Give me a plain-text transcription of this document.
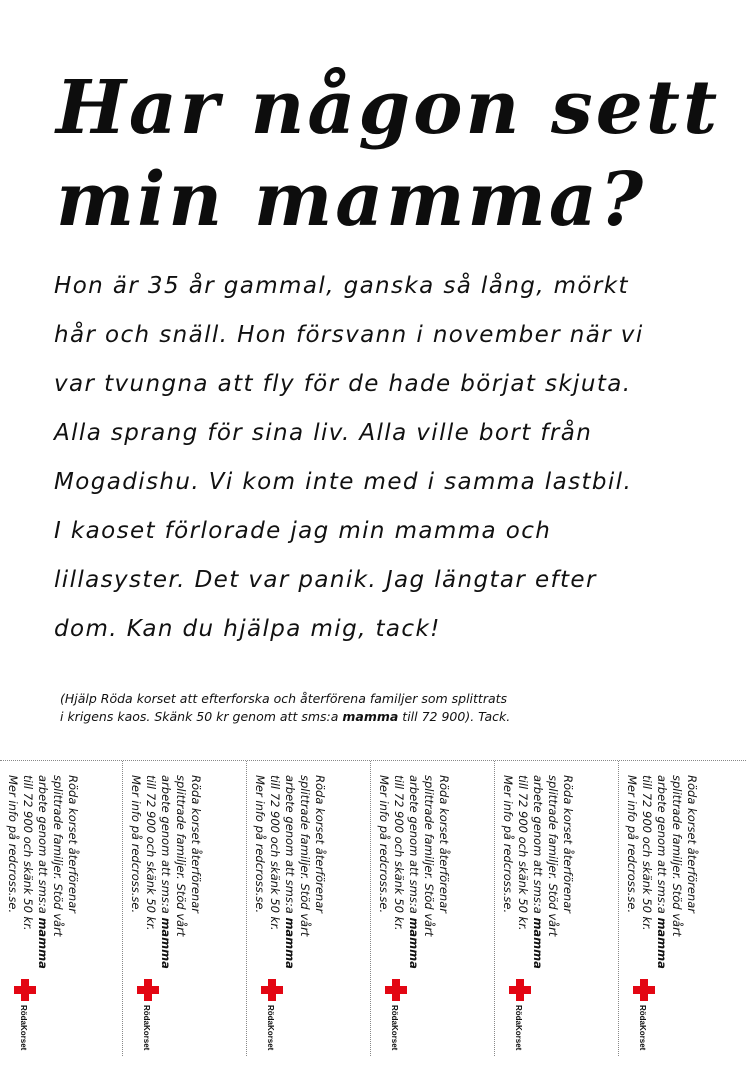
Har någon sett
min mamma?
Hon är 35 år gammal, ganska så lång, mörkt
hår och snäll. Hon försvann i november när vi
var tvungna att fly för de hade börjat skjuta.
Alla sprang för sina liv. Alla ville bort från
Mogadishu. Vi kom inte med i samma lastbil.
I kaoset förlorade jag min mamma och
lillasyster. Det var panik. Jag längtar efter
dom. Kan du hjälpa mig, tack!
(Hjälp Röda korset att efterforska och återförena familjer som splittrats
i krigens kaos. Skänk 50 kr genom att sms:a mamma till 72 900). Tack.
Röda korset återförenar
splittrade familjer. Stöd vårt
arbete genom att sms:a mamma
till 72 900 och skänk 50 kr.
Mer info på redcross.se.
RödaKorset
Röda korset återförenar
splittrade familjer. Stöd vårt
arbete genom att sms:a mamma
till 72 900 och skänk 50 kr.
Mer info på redcross.se.
RödaKorset
Röda korset återförenar
splittrade familjer. Stöd vårt
arbete genom att sms:a mamma
till 72 900 och skänk 50 kr.
Mer info på redcross.se.
RödaKorset
Röda korset återförenar
splittrade familjer. Stöd vårt
arbete genom att sms:a mamma
till 72 900 och skänk 50 kr.
Mer info på redcross.se.
RödaKorset
Röda korset återförenar
splittrade familjer. Stöd vårt
arbete genom att sms:a mamma
till 72 900 och skänk 50 kr.
Mer info på redcross.se.
RödaKorset
Röda korset återförenar
splittrade familjer. Stöd vårt
arbete genom att sms:a mamma
till 72 900 och skänk 50 kr.
Mer info på redcross.se.
RödaKorset
